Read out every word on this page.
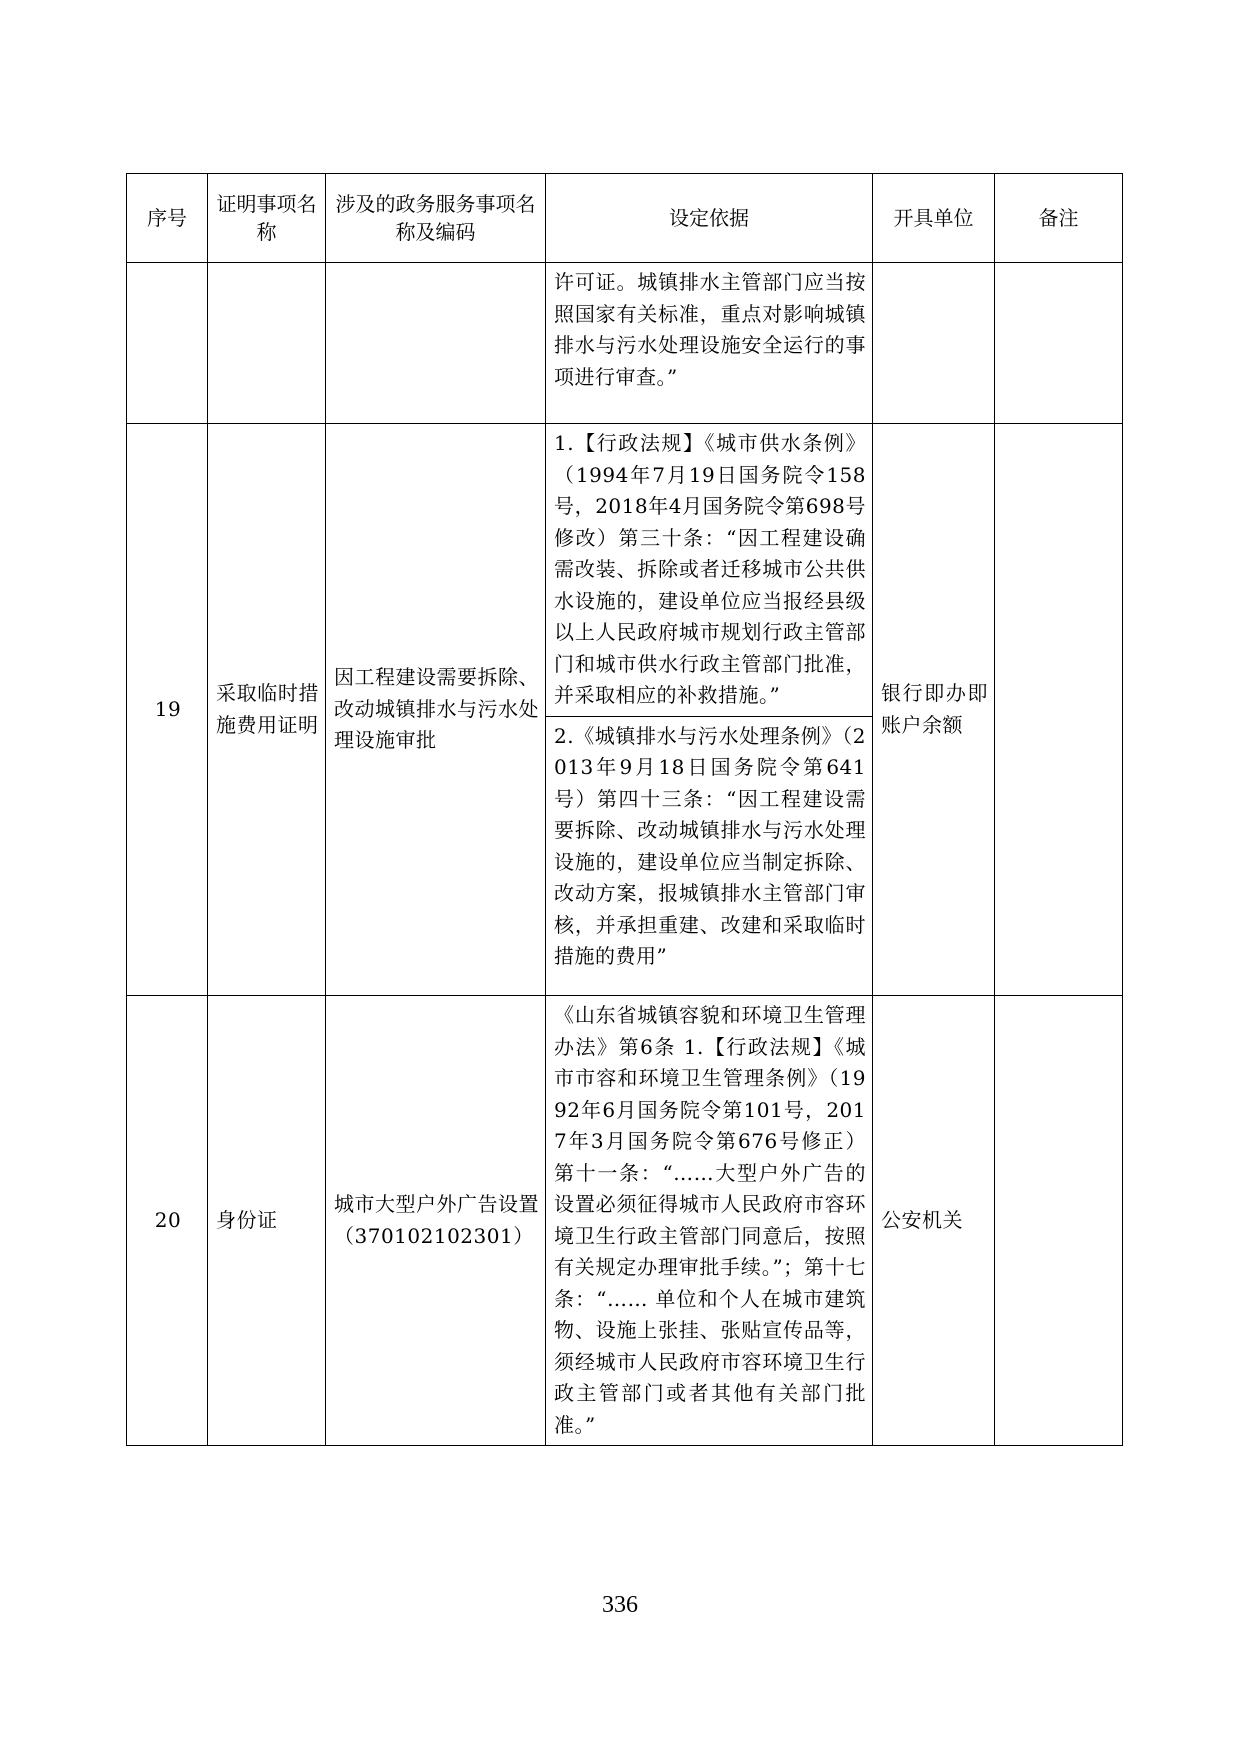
序号	证明事项名称	涉及的政务服务事项名称及编码	设定依据	开具单位	备注

			许可证。城镇排水主管部门应当按照国家有关标准，重点对影响城镇排水与污水处理设施安全运行的事项进行审查。”		

19	采取临时措施费用证明	因工程建设需要拆除、改动城镇排水与污水处理设施审批	1.【行政法规】《城市供水条例》（1994年7月19日国务院令158号，2018年4月国务院令第698号修改）第三十条：“因工程建设确需改装、拆除或者迁移城市公共供水设施的，建设单位应当报经县级以上人民政府城市规划行政主管部门和城市供水行政主管部门批准，并采取相应的补救措施。”
2.《城镇排水与污水处理条例》（2013年9月18日国务院令第641号）第四十三条：“因工程建设需要拆除、改动城镇排水与污水处理设施的，建设单位应当制定拆除、改动方案，报城镇排水主管部门审核，并承担重建、改建和采取临时措施的费用”	银行即办即账户余额	

20	身份证	城市大型户外广告设置（370102102301）	《山东省城镇容貌和环境卫生管理办法》第6条 1.【行政法规】《城市市容和环境卫生管理条例》（1992年6月国务院令第101号，2017年3月国务院令第676号修正）第十一条：“……大型户外广告的设置必须征得城市人民政府市容环境卫生行政主管部门同意后，按照有关规定办理审批手续。”；第十七条：“…… 单位和个人在城市建筑物、设施上张挂、张贴宣传品等，须经城市人民政府市容环境卫生行政主管部门或者其他有关部门批准。”	公安机关	

336
